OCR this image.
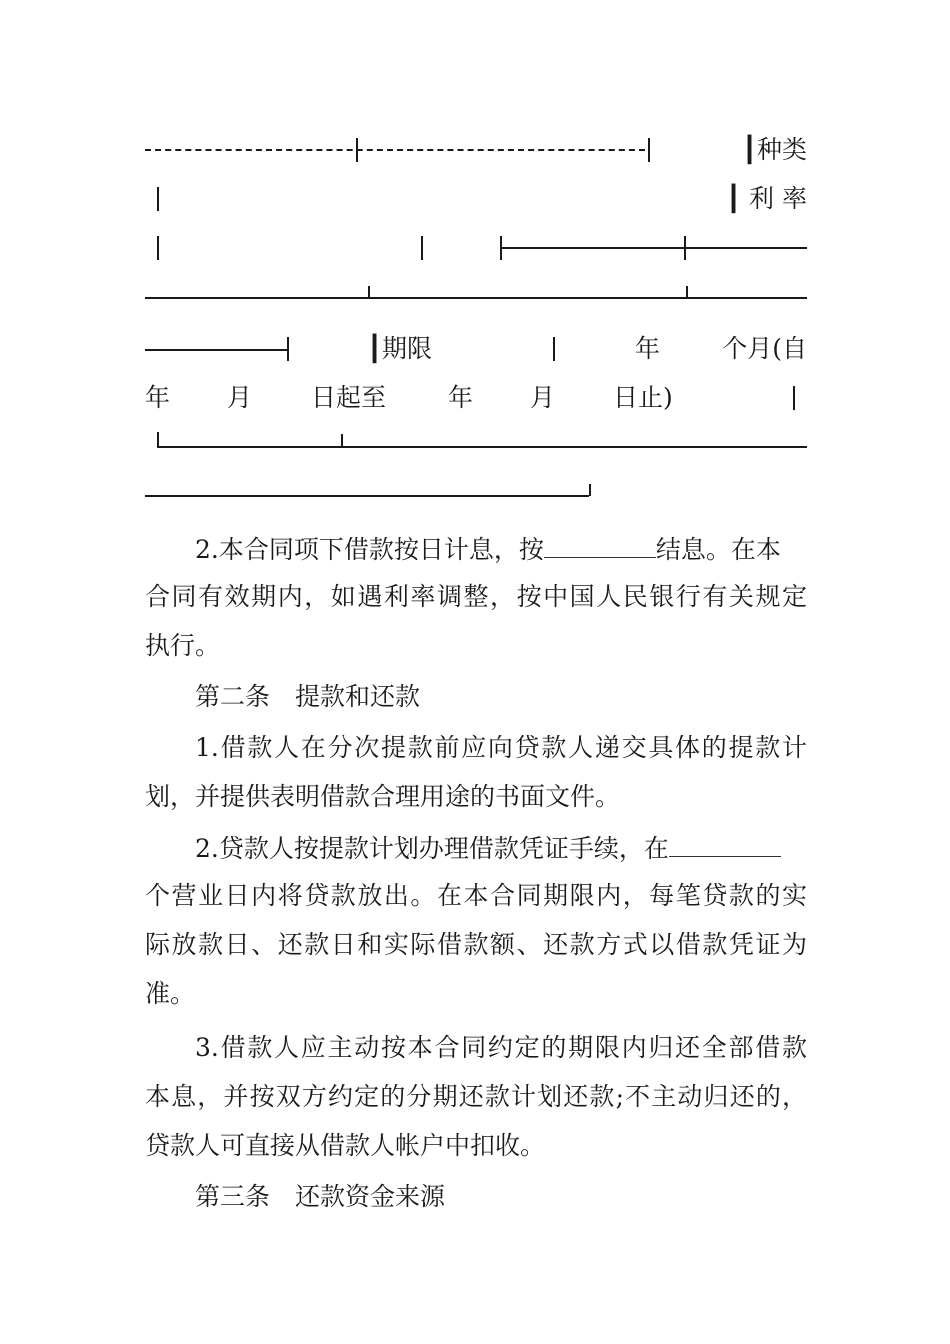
┃种类
┃ 利 率
┃期限	年 个月(自
年 月 日起至 年 月 日止)
2.本合同项下借款按日计息，按	结息。在本
合同有效期内，如遇利率调整，按中国人民银行有关规定
执行。
第二条　提款和还款
1.借款人在分次提款前应向贷款人递交具体的提款计
划，并提供表明借款合理用途的书面文件。
2.贷款人按提款计划办理借款凭证手续，在
个营业日内将贷款放出。在本合同期限内，每笔贷款的实
际放款日、还款日和实际借款额、还款方式以借款凭证为
准。
3.借款人应主动按本合同约定的期限内归还全部借款
本息，并按双方约定的分期还款计划还款;不主动归还的，
贷款人可直接从借款人帐户中扣收。
第三条　还款资金来源
